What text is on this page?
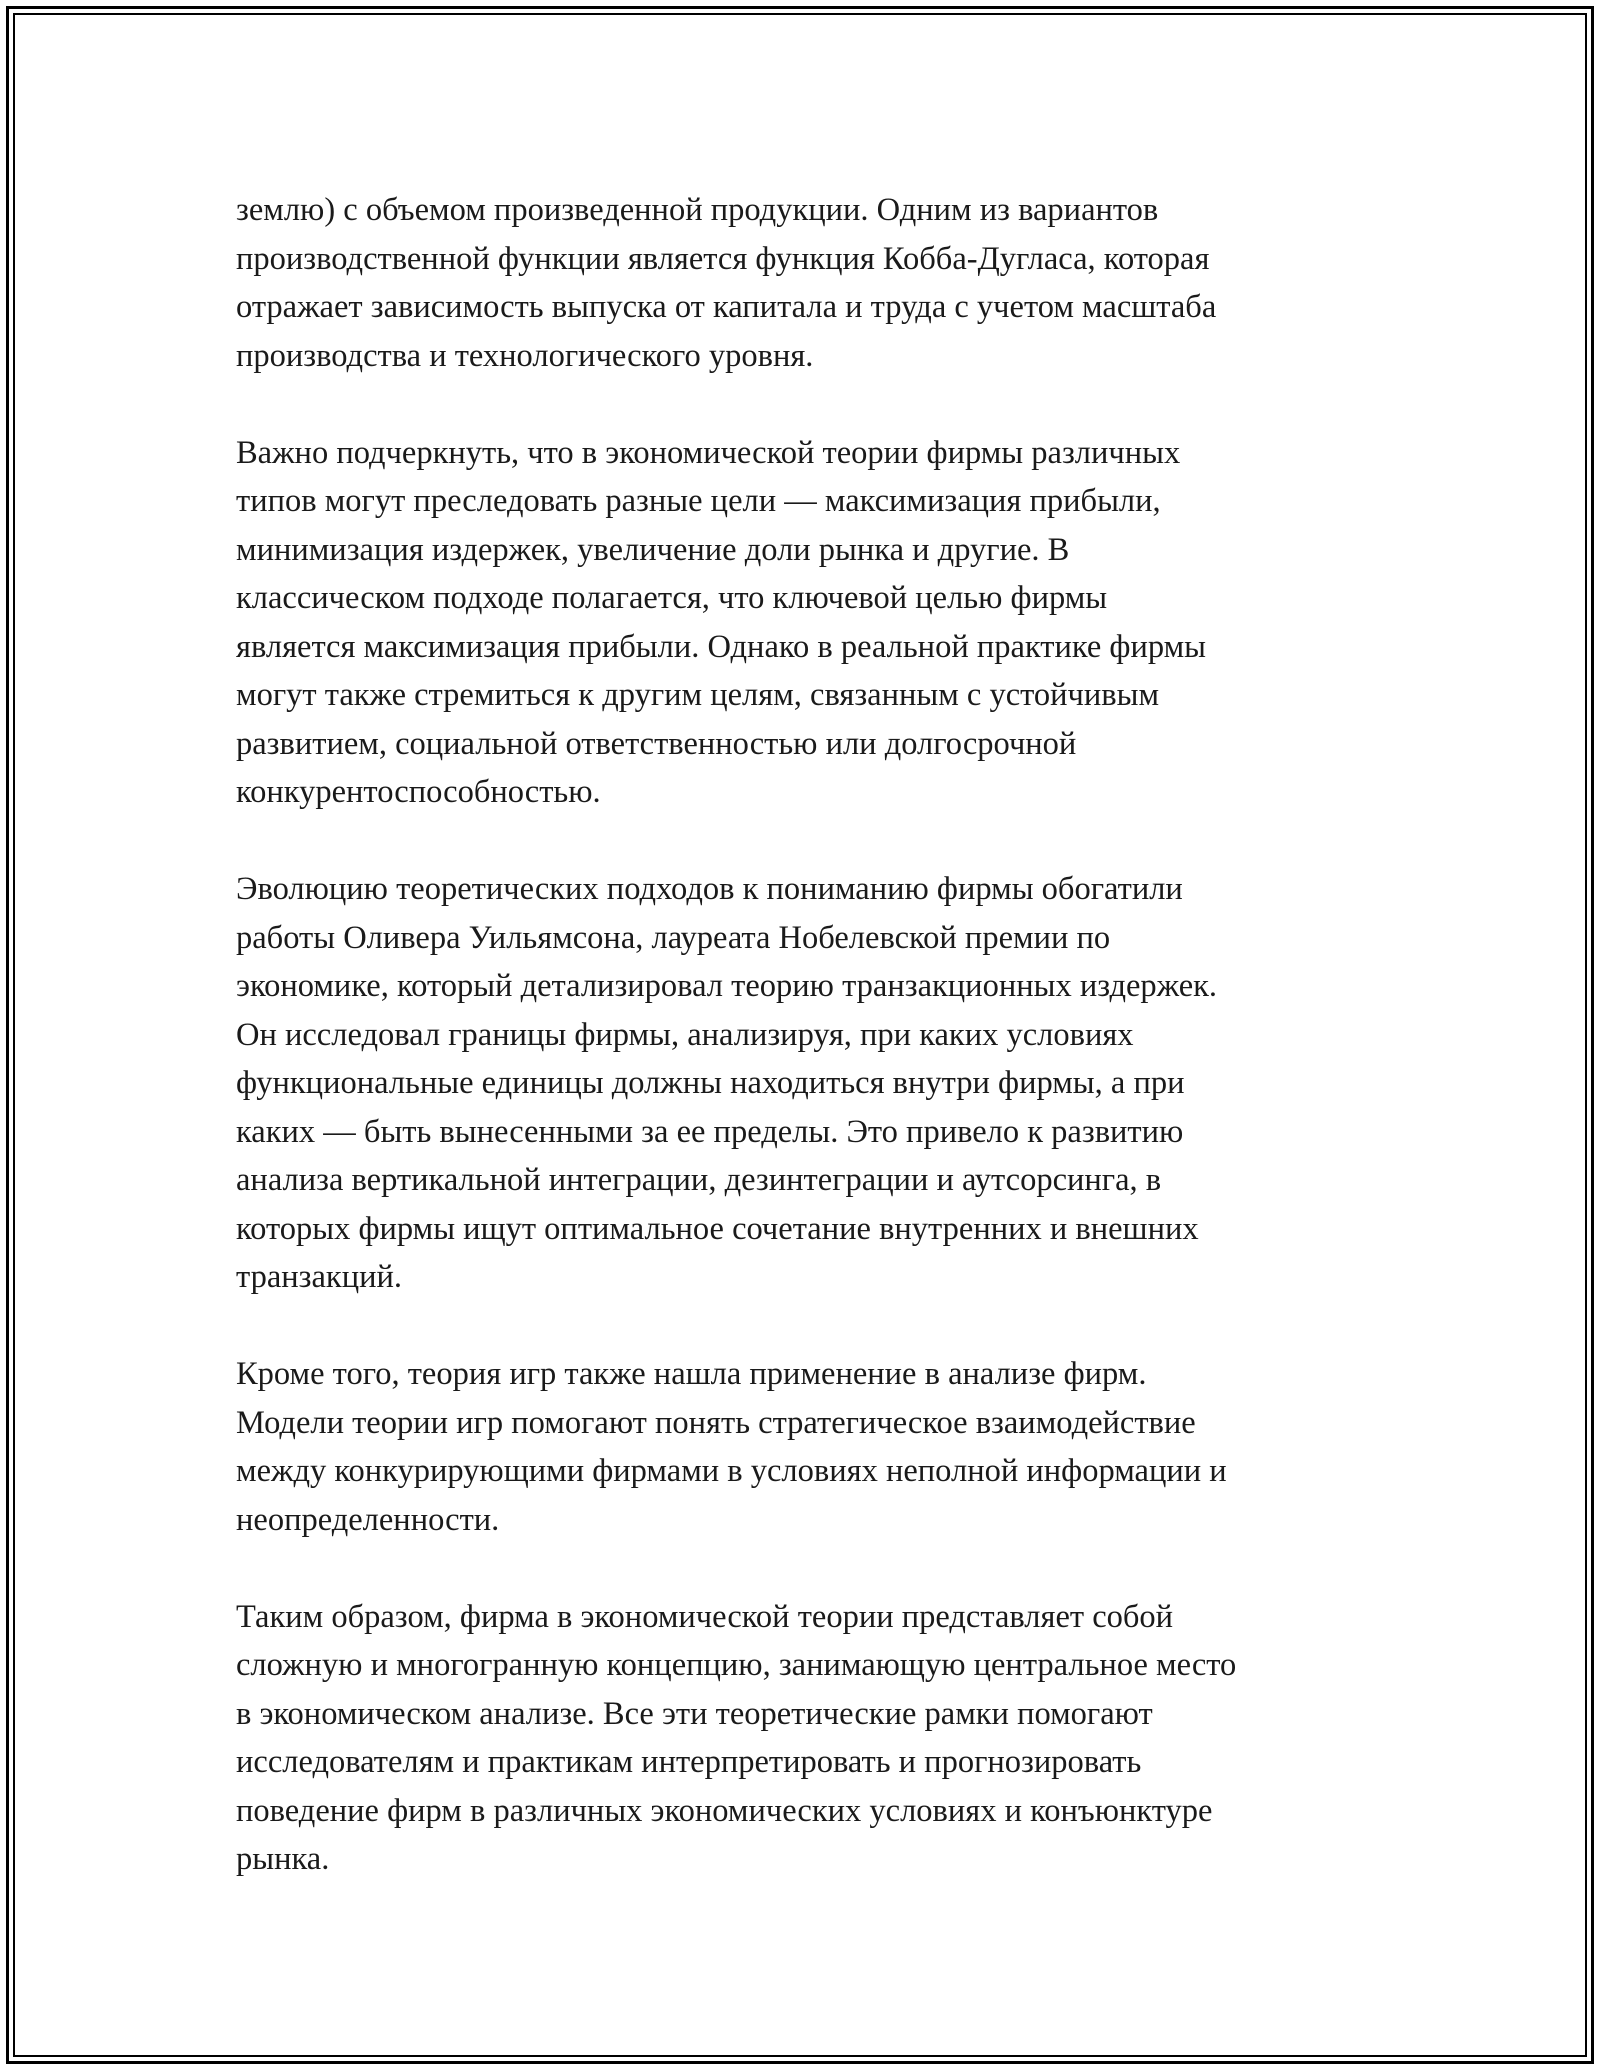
землю) с объемом произведенной продукции. Одним из вариантов
производственной функции является функция Кобба-Дугласа, которая
отражает зависимость выпуска от капитала и труда с учетом масштаба
производства и технологического уровня.

Важно подчеркнуть, что в экономической теории фирмы различных
типов могут преследовать разные цели — максимизация прибыли,
минимизация издержек, увеличение доли рынка и другие. В
классическом подходе полагается, что ключевой целью фирмы
является максимизация прибыли. Однако в реальной практике фирмы
могут также стремиться к другим целям, связанным с устойчивым
развитием, социальной ответственностью или долгосрочной
конкурентоспособностью.

Эволюцию теоретических подходов к пониманию фирмы обогатили
работы Оливера Уильямсона, лауреата Нобелевской премии по
экономике, который детализировал теорию транзакционных издержек.
Он исследовал границы фирмы, анализируя, при каких условиях
функциональные единицы должны находиться внутри фирмы, а при
каких — быть вынесенными за ее пределы. Это привело к развитию
анализа вертикальной интеграции, дезинтеграции и аутсорсинга, в
которых фирмы ищут оптимальное сочетание внутренних и внешних
транзакций.

Кроме того, теория игр также нашла применение в анализе фирм.
Модели теории игр помогают понять стратегическое взаимодействие
между конкурирующими фирмами в условиях неполной информации и
неопределенности.

Таким образом, фирма в экономической теории представляет собой
сложную и многогранную концепцию, занимающую центральное место
в экономическом анализе. Все эти теоретические рамки помогают
исследователям и практикам интерпретировать и прогнозировать
поведение фирм в различных экономических условиях и конъюнктуре
рынка.
